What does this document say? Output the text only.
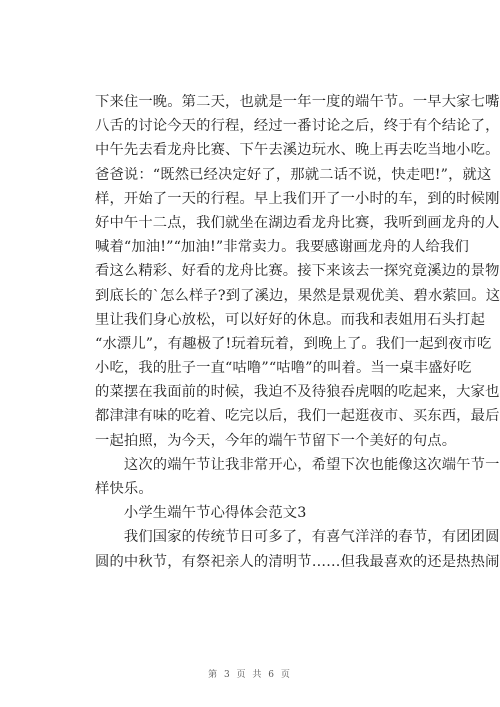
下来住一晚。第二天，也就是一年一度的端午节。一早大家七嘴
八舌的讨论今天的行程，经过一番讨论之后，终于有个结论了，
中午先去看龙舟比赛、下午去溪边玩水、晚上再去吃当地小吃。
爸爸说：“既然已经决定好了，那就二话不说，快走吧!”，就这
样，开始了一天的行程。早上我们开了一小时的车，到的时候刚
好中午十二点，我们就坐在湖边看龙舟比赛，我听到画龙舟的人
喊着“加油!”“加油!”非常卖力。我要感谢画龙舟的人给我们
看这么精彩、好看的龙舟比赛。接下来该去一探究竟溪边的景物
到底长的`怎么样子?到了溪边，果然是景观优美、碧水萦回。这
里让我们身心放松，可以好好的休息。而我和表姐用石头打起
“水漂儿”，有趣极了!玩着玩着，到晚上了。我们一起到夜市吃
小吃，我的肚子一直“咕噜”“咕噜”的叫着。当一桌丰盛好吃
的菜摆在我面前的时候，我迫不及待狼吞虎咽的吃起来，大家也
都津津有味的吃着、吃完以后，我们一起逛夜市、买东西，最后
一起拍照，为今天，今年的端午节留下一个美好的句点。
　　这次的端午节让我非常开心，希望下次也能像这次端午节一
样快乐。
　　小学生端午节心得体会范文3
　　我们国家的传统节日可多了，有喜气洋洋的春节，有团团圆
圆的中秋节，有祭祀亲人的清明节……但我最喜欢的还是热热闹
第 3 页 共 6 页
